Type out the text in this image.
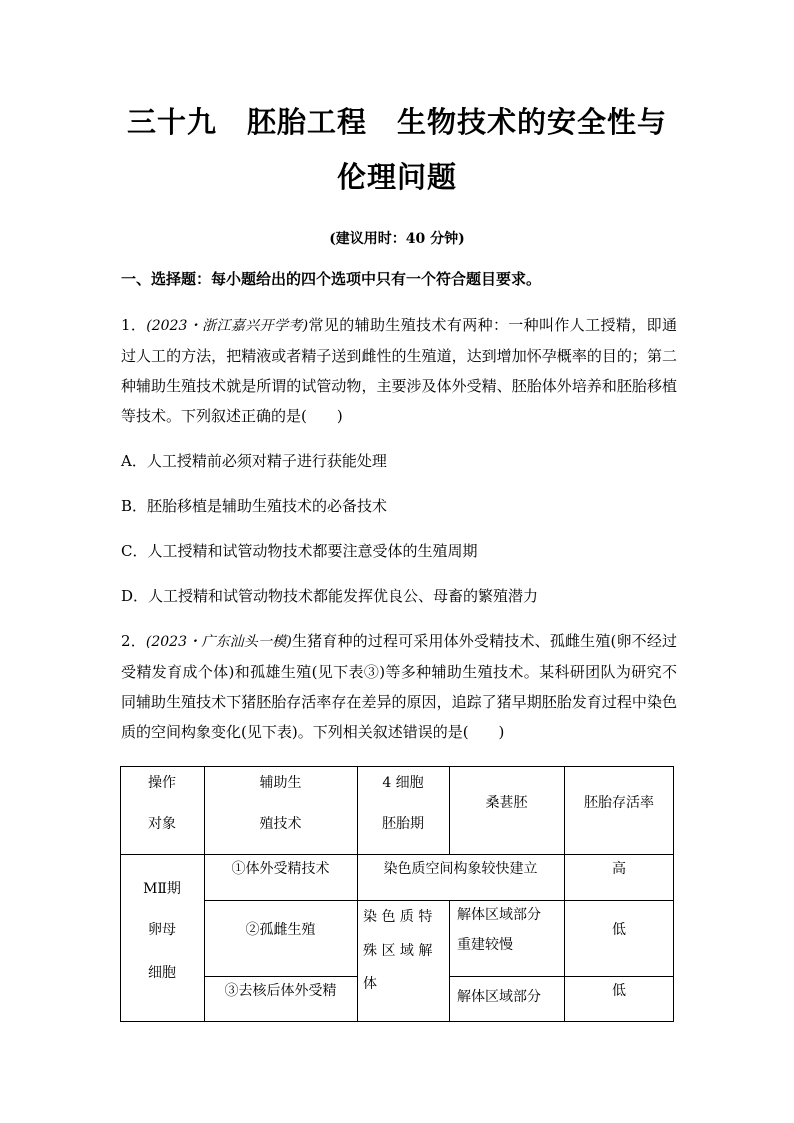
三十九　胚胎工程　生物技术的安全性与
伦理问题
(建议用时：40 分钟)
一、选择题：每小题给出的四个选项中只有一个符合题目要求。
1．(2023・浙江嘉兴开学考)常见的辅助生殖技术有两种：一种叫作人工授精，即通过人工的方法，把精液或者精子送到雌性的生殖道，达到增加怀孕概率的目的；第二种辅助生殖技术就是所谓的试管动物，主要涉及体外受精、胚胎体外培养和胚胎移植等技术。下列叙述正确的是(　　)
A．人工授精前必须对精子进行获能处理
B．胚胎移植是辅助生殖技术的必备技术
C．人工授精和试管动物技术都要注意受体的生殖周期
D．人工授精和试管动物技术都能发挥优良公、母畜的繁殖潜力
2．(2023・广东汕头一模)生猪育种的过程可采用体外受精技术、孤雌生殖(卵不经过受精发育成个体)和孤雄生殖(见下表③)等多种辅助生殖技术。某科研团队为研究不同辅助生殖技术下猪胚胎存活率存在差异的原因，追踪了猪早期胚胎发育过程中染色质的空间构象变化(见下表)。下列相关叙述错误的是(　　)
操作
对象
辅助生
殖技术
4 细胞
胚胎期
桑葚胚	胚胎存活率
MⅡ期
卵母
细胞
①体外受精技术
②孤雌生殖
③去核后体外受精
染色质空间构象较快建立	高
染 色 质 特
殊 区 域 解
体
解体区域部分
重建较慢
解体区域部分
低
低
